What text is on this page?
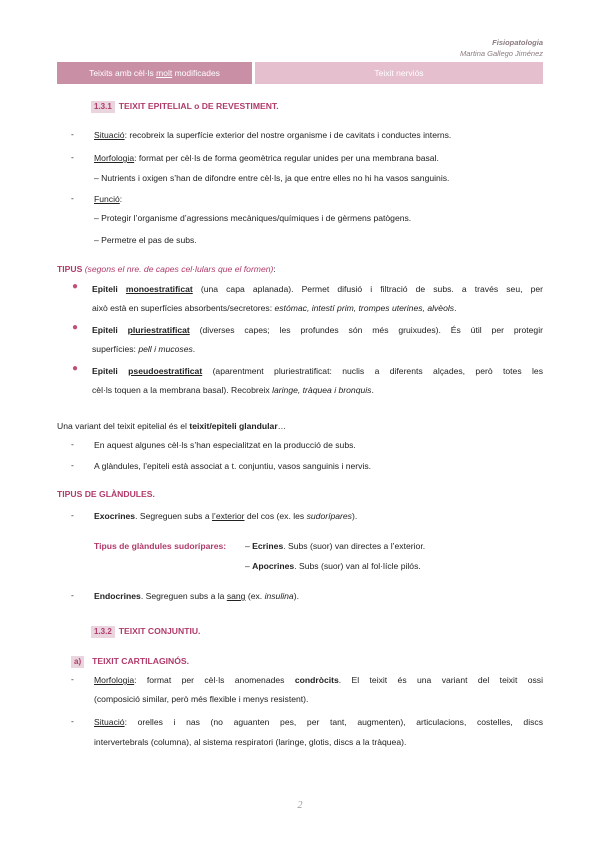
Fisiopatologia
Martina Gallego Jiménez
Teixits amb cèl·ls molt modificades	Teixit nerviós
1.3.1 TEIXIT EPITELIAL o DE REVESTIMENT.
- Situació: recobreix la superfície exterior del nostre organisme i de cavitats i conductes interns.
- Morfologia: format per cèl·ls de forma geomètrica regular unides per una membrana basal.
– Nutrients i oxigen s’han de difondre entre cèl·ls, ja que entre elles no hi ha vasos sanguinis.
- Funció:
– Protegir l’organisme d’agressions mecàniques/químiques i de gèrmens patògens.
– Permetre el pas de subs.
TIPUS (segons el nre. de capes cel·lulars que el formen):
● Epiteli monoestratificat (una capa aplanada). Permet difusió i filtració de subs. a través seu, per
això està en superfícies absorbents/secretores: estómac, intestí prim, trompes uterines, alvèols.
● Epiteli pluriestratificat (diverses capes; les profundes són més gruixudes). És útil per protegir
superfícies: pell i mucoses.
● Epiteli pseudoestratificat (aparentment pluriestratificat: nuclis a diferents alçades, però totes les
cèl·ls toquen a la membrana basal). Recobreix laringe, tràquea i bronquis.
Una variant del teixit epitelial és el teixit/epiteli glandular…
- En aquest algunes cèl·ls s’han especialitzat en la producció de subs.
- A glàndules, l’epiteli està associat a t. conjuntiu, vasos sanguinis i nervis.
TIPUS DE GLÀNDULES.
- Exocrines. Segreguen subs a l’exterior del cos (ex. les sudorípares).
Tipus de glàndules sudorípares: – Ecrines. Subs (suor) van directes a l’exterior.
– Apocrines. Subs (suor) van al fol·lícle pilós.
- Endocrines. Segreguen subs a la sang (ex. insulina).
1.3.2 TEIXIT CONJUNTIU.
a) TEIXIT CARTILAGINÓS.
- Morfologia: format per cèl·ls anomenades condròcits. El teixit és una variant del teixit ossi
(composició similar, però més flexible i menys resistent).
- Situació: orelles i nas (no aguanten pes, per tant, augmenten), articulacions, costelles, discs
intervertebrals (columna), al sistema respiratori (laringe, glotis, discs a la tràquea).
2
